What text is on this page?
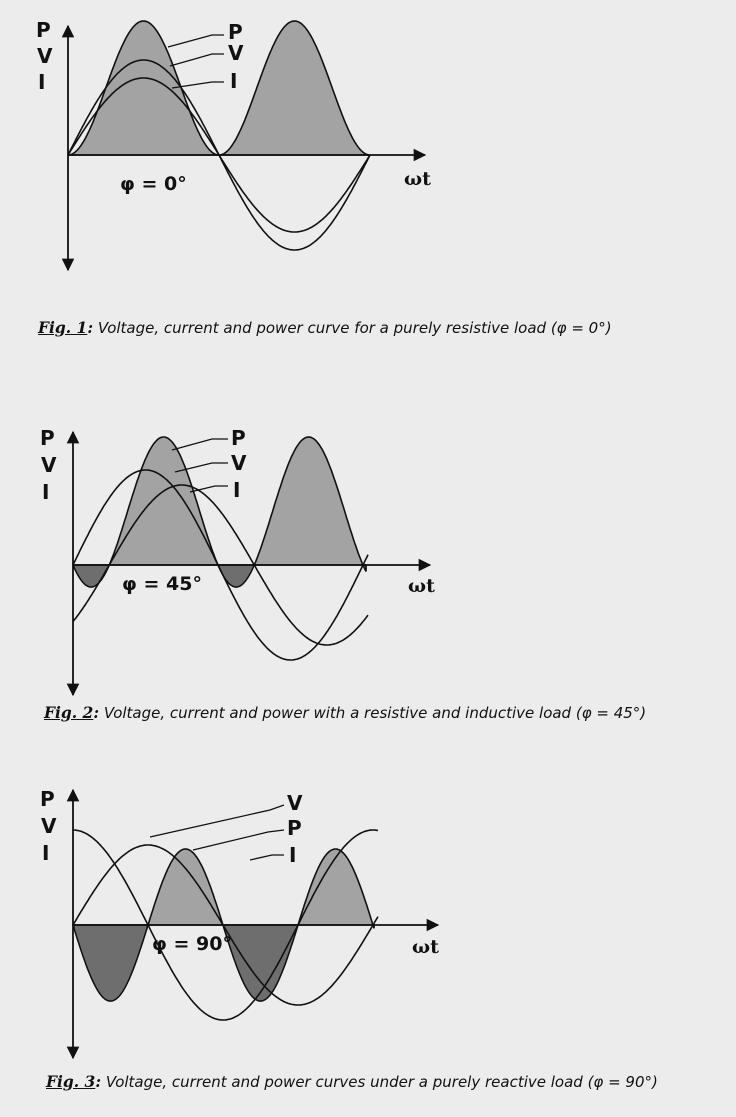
P
V
I
P
V
I
φ = 0°	ωt
P
V
I
P
V
I
φ = 45°	ωt
P
V
I
V
P
I
φ = 90°	ωt
Fig. 1: Voltage, current and power curve for a purely resistive load (φ = 0°)
Fig. 2: Voltage, current and power with a resistive and inductive load (φ = 45°)
Fig. 3: Voltage, current and power curves under a purely reactive load (φ = 90°)
